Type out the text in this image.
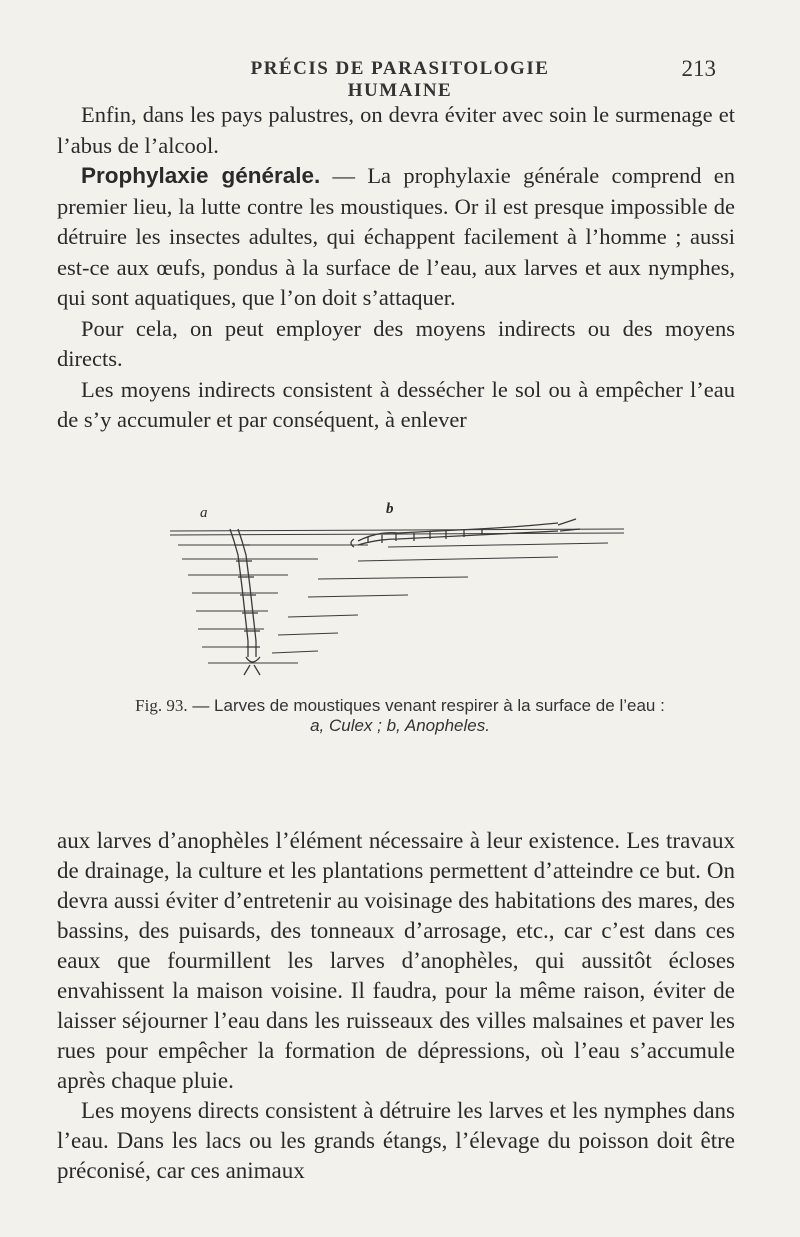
PRÉCIS DE PARASITOLOGIE HUMAINE
213

Enfin, dans les pays palustres, on devra éviter avec soin le surmenage et l’abus de l’alcool.

Prophylaxie générale. — La prophylaxie générale comprend en premier lieu, la lutte contre les moustiques. Or il est presque impossible de détruire les insectes adultes, qui échappent facilement à l’homme ; aussi est-ce aux œufs, pondus à la surface de l’eau, aux larves et aux nymphes, qui sont aquatiques, que l’on doit s’attaquer.

Pour cela, on peut employer des moyens indirects ou des moyens directs.

Les moyens indirects consistent à dessécher le sol ou à empêcher l’eau de s’y accumuler et par conséquent, à enlever

a	b
Fig. 93. — Larves de moustiques venant respirer à la surface de l’eau :
a, Culex ; b, Anopheles.

aux larves d’anophèles l’élément nécessaire à leur existence. Les travaux de drainage, la culture et les plantations permettent d’atteindre ce but. On devra aussi éviter d’entretenir au voisinage des habitations des mares, des bassins, des puisards, des tonneaux d’arrosage, etc., car c’est dans ces eaux que fourmillent les larves d’anophèles, qui aussitôt écloses envahissent la maison voisine. Il faudra, pour la même raison, éviter de laisser séjourner l’eau dans les ruisseaux des villes malsaines et paver les rues pour empêcher la formation de dépressions, où l’eau s’accumule après chaque pluie.

Les moyens directs consistent à détruire les larves et les nymphes dans l’eau. Dans les lacs ou les grands étangs, l’élevage du poisson doit être préconisé, car ces animaux
